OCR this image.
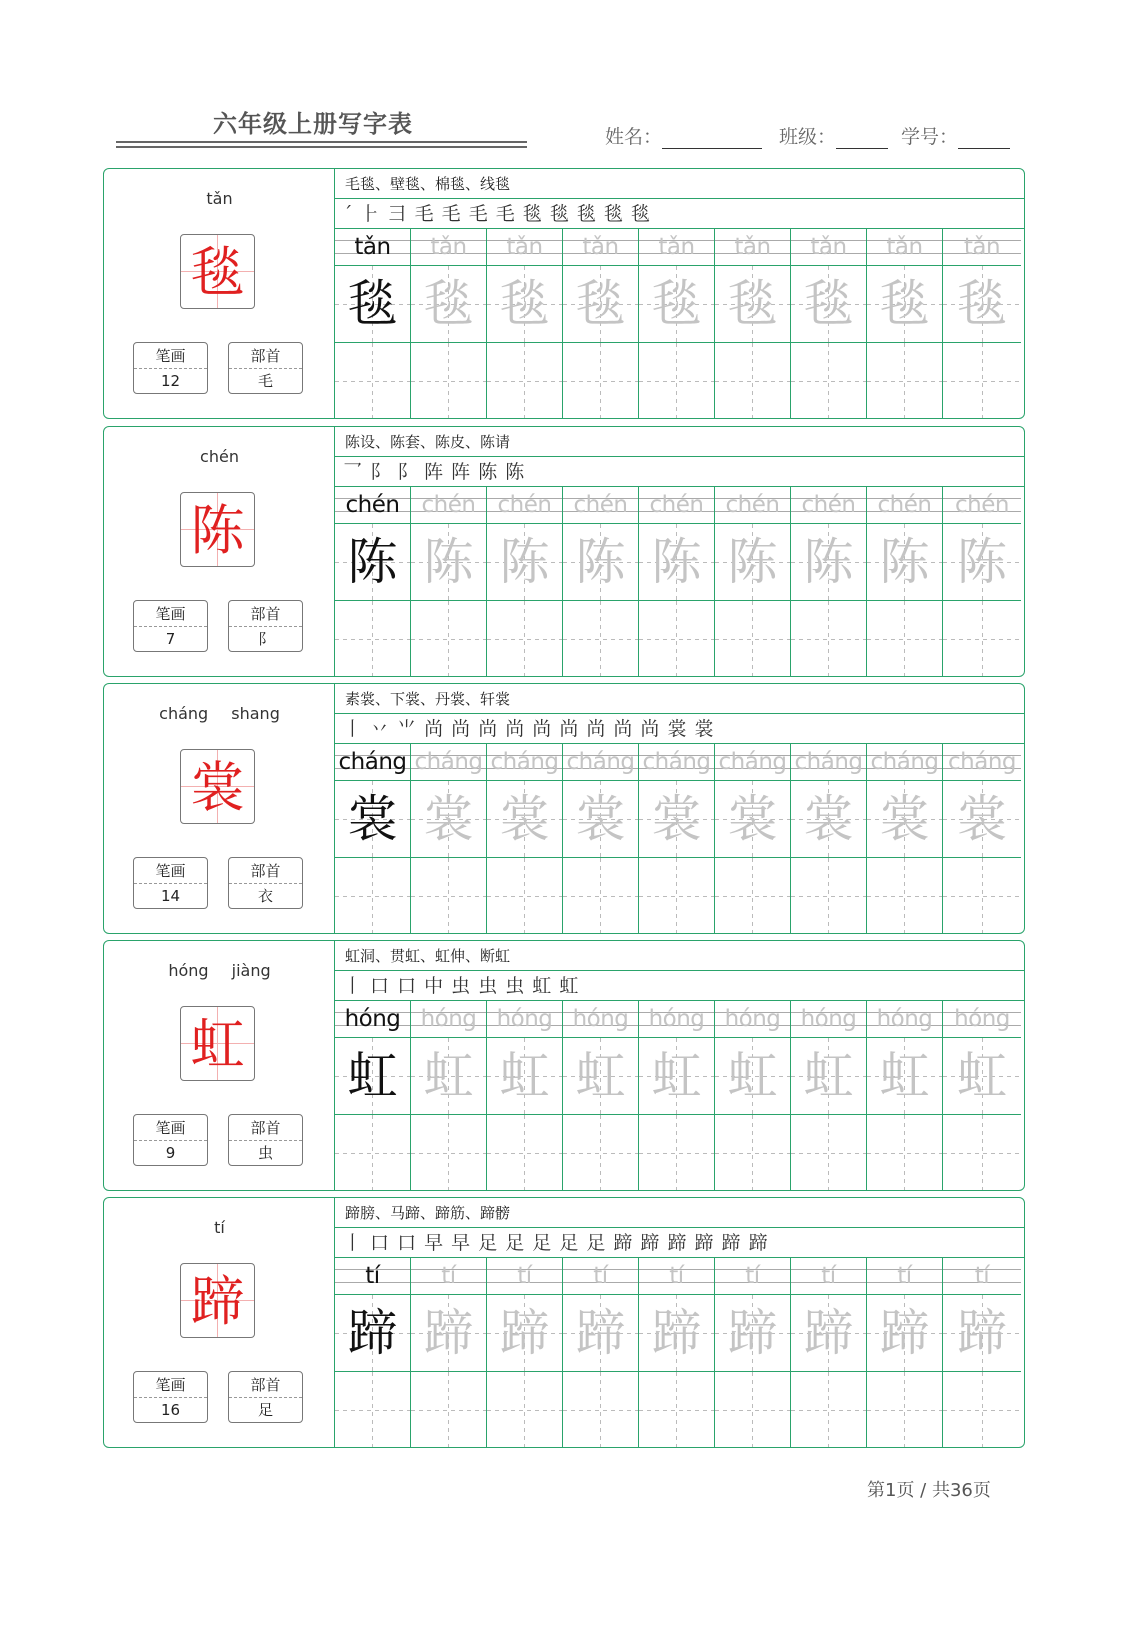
六年级上册写字表	姓名：	班级：	学号：
tǎn
毯
笔画
12
部首
毛
毛毯、壁毯、棉毯、线毯
´ ⺊ ⺕ 毛 毛 毛 毛 毯 毯 毯 毯 毯
tǎn
毯
tǎn
毯
tǎn
毯
tǎn
毯
tǎn
毯
tǎn
毯
tǎn
毯
tǎn
毯
tǎn
毯
chén
陈
笔画
7
部首
阝
陈设、陈套、陈皮、陈请
⺂ 阝 阝 阵 阵 陈 陈
chén
陈
chén
陈
chén
陈
chén
陈
chén
陈
chén
陈
chén
陈
chén
陈
chén
陈
cháng shang
裳
笔画
14
部首
衣
素裳、下裳、丹裳、轩裳
丨 丷 ⺌ 尚 尚 尚 尚 尚 尚 尚 尚 尚 裳 裳
cháng
裳
cháng
裳
cháng
裳
cháng
裳
cháng
裳
cháng
裳
cháng
裳
cháng
裳
cháng
裳
hóng jiàng
虹
笔画
9
部首
虫
虹洞、贯虹、虹伸、断虹
丨 口 口 中 虫 虫 虫 虹 虹
hóng
虹
hóng
虹
hóng
虹
hóng
虹
hóng
虹
hóng
虹
hóng
虹
hóng
虹
hóng
虹
tí
蹄
笔画
16
部首
足
蹄膀、马蹄、蹄筋、蹄髈
丨 口 口 早 早 足 足 足 足 足 蹄 蹄 蹄 蹄 蹄 蹄
tí
蹄
tí
蹄
tí
蹄
tí
蹄
tí
蹄
tí
蹄
tí
蹄
tí
蹄
tí
蹄
第1页 / 共36页
